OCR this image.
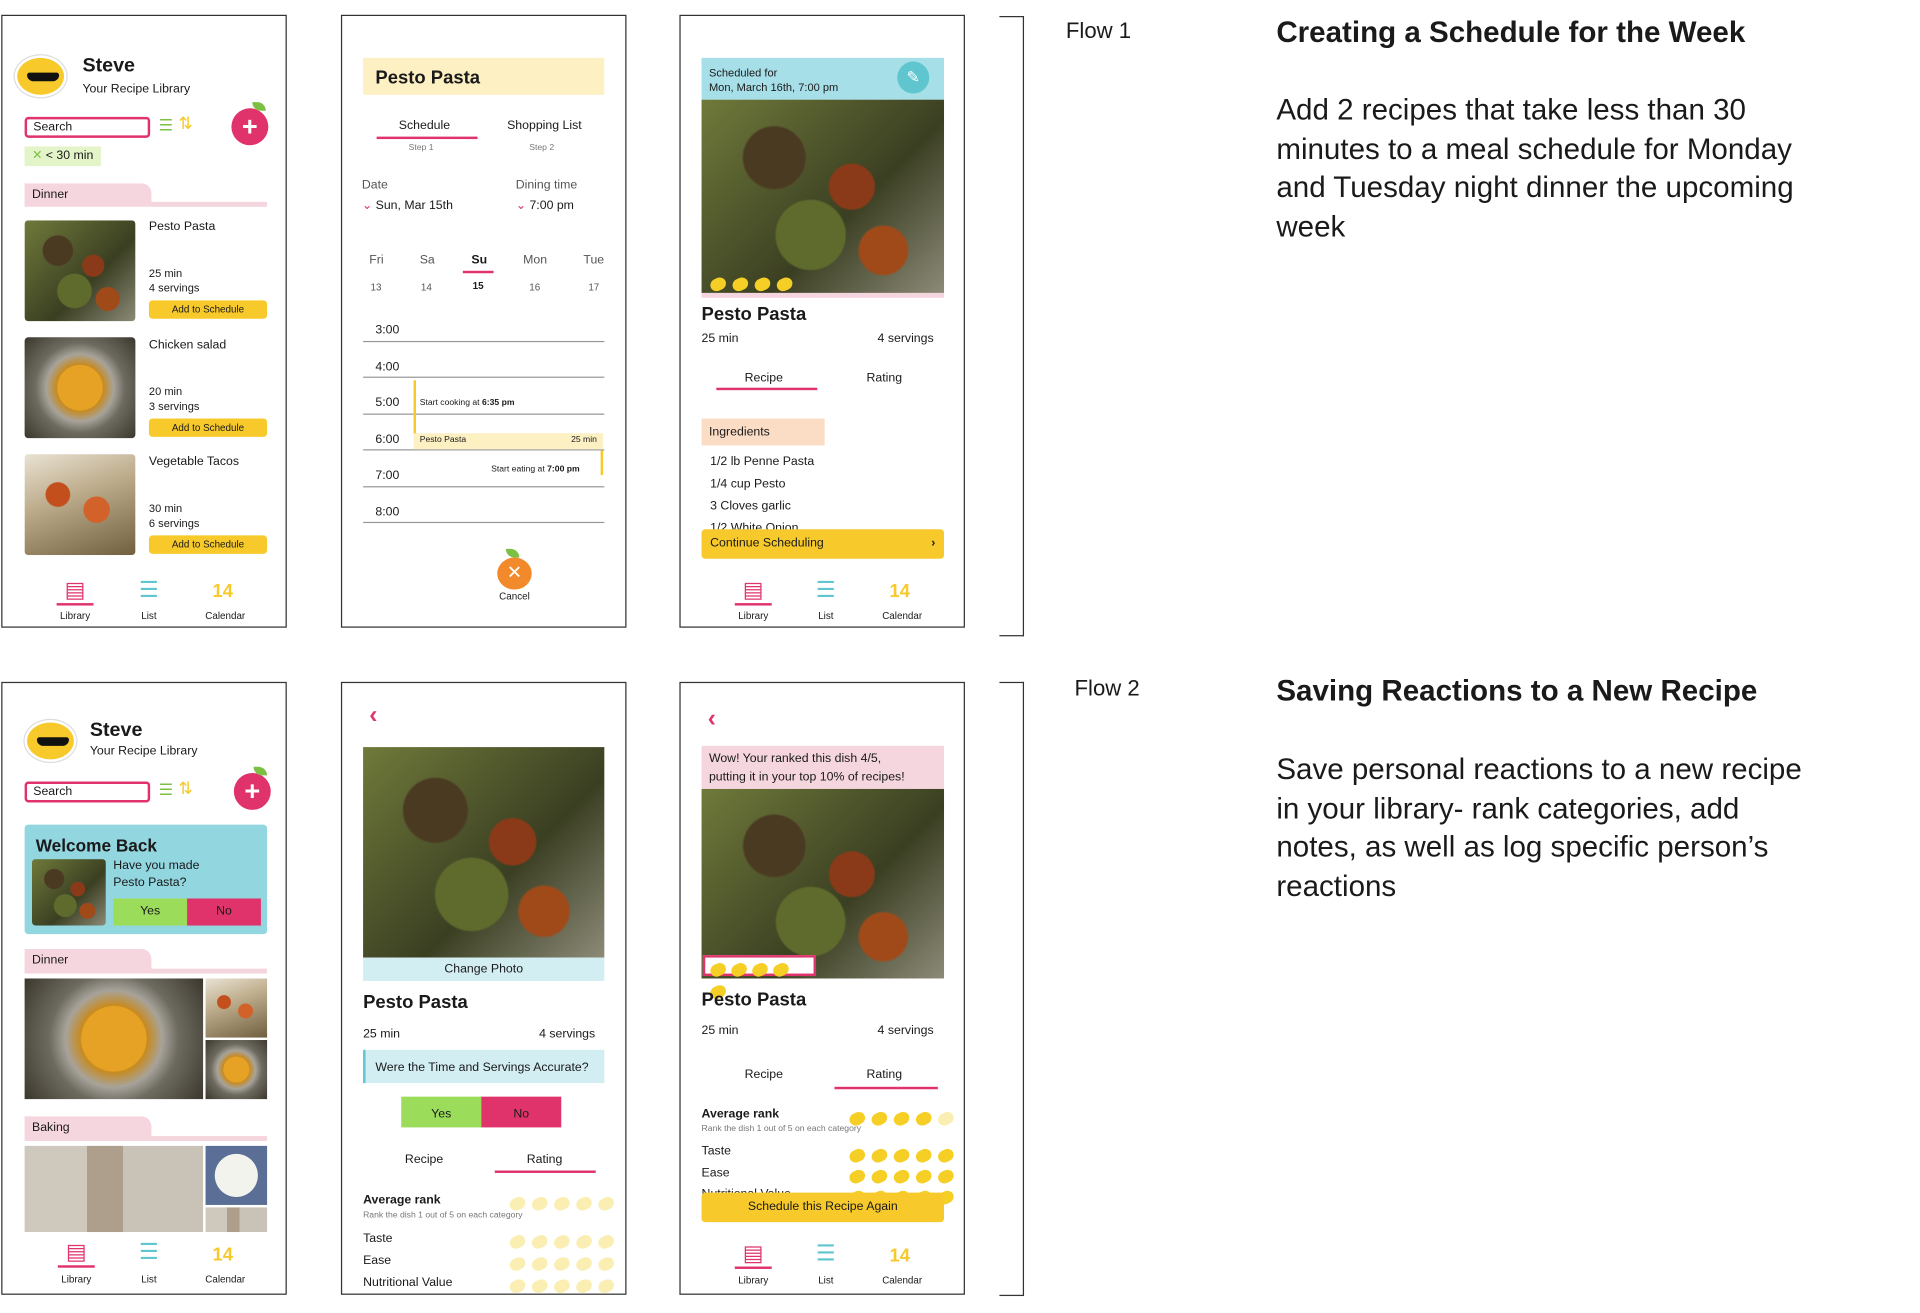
Steve
Your Recipe Library
Search	☰ ⇅	+
✕ < 30 min
Dinner
Pesto Pasta
25 min
4 servings
Add to Schedule
Chicken salad
20 min
3 servings
Add to Schedule
Vegetable Tacos
30 min
6 servings
Add to Schedule
▤
Library
☰
List
14
Calendar
Pesto Pasta
Schedule
Step 1
Shopping List
Step 2
Date
⌄ Sun, Mar 15th
Dining time
⌄ 7:00 pm
Fri
13
Sa
14
Su
15
Mon
16
Tue
17
3:00
4:00
5:00
6:00
7:00
8:00
Start cooking at 6:35 pm
Pesto Pasta	25 min
Start eating at 7:00 pm
✕
Cancel
Scheduled for
Mon, March 16th, 7:00 pm
✎
Pesto Pasta
25 min	4 servings
Recipe	Rating
Ingredients
1/2 lb Penne Pasta
1/4 cup Pesto
3 Cloves garlic
Continue Scheduling	›
▤
Library
☰
List
14
Calendar
Flow 1	Creating a Schedule for the Week
Add 2 recipes that take less than 30 minutes to a meal schedule for Monday and Tuesday night dinner the upcoming week
Steve
Your Recipe Library
Search	☰ ⇅	+
Welcome Back
Have you made
Pesto Pasta?
Yes	No
Dinner
Baking
▤
Library
☰
List
14
Calendar
‹
Change Photo
Pesto Pasta
25 min	4 servings
Were the Time and Servings Accurate?
Yes	No
Recipe	Rating
Average rank
Rank the dish 1 out of 5 on each category
Taste
Ease
Nutritional Value
‹
Wow! Your ranked this dish 4/5,
putting it in your top 10% of recipes!
Pesto Pasta
25 min	4 servings
Recipe	Rating
Average rank
Rank the dish 1 out of 5 on each category
Taste
Ease
Schedule this Recipe Again
▤
Library
☰
List
14
Calendar
Flow 2	Saving Reactions to a New Recipe
Save personal reactions to a new recipe in your library- rank categories, add notes, as well as log specific person’s reactions
